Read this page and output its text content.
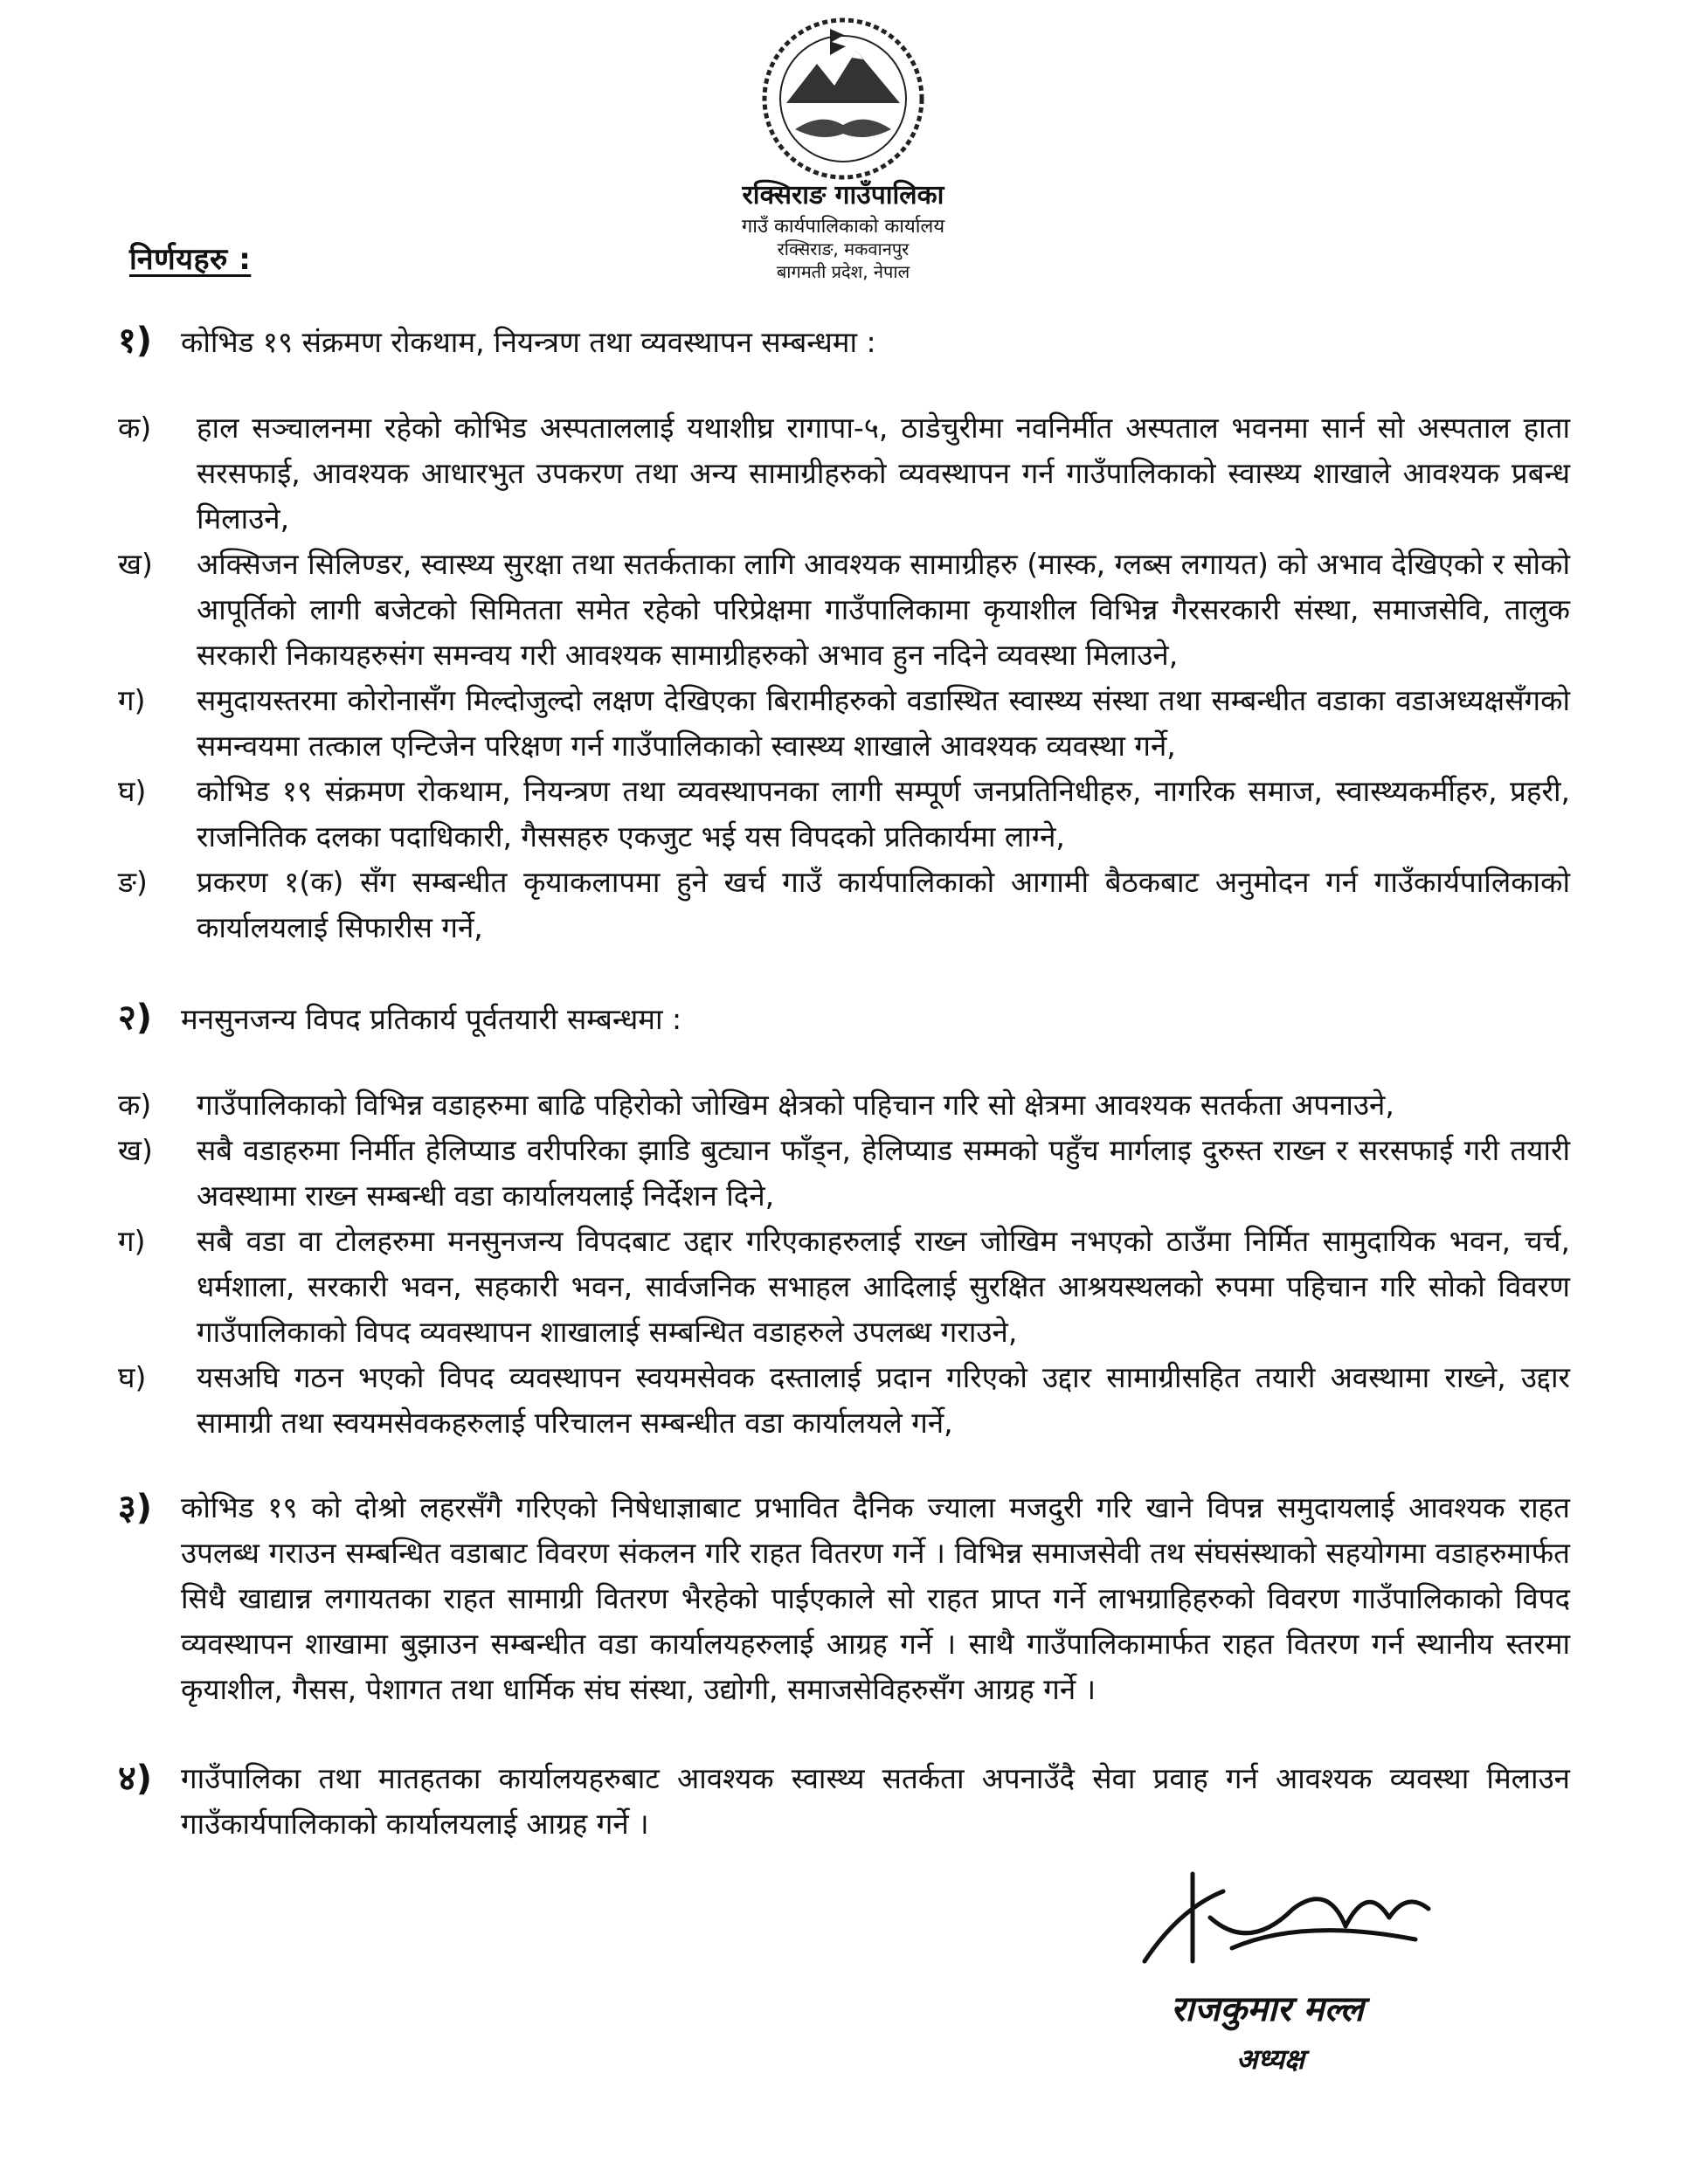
रक्सिराङ गाउँपालिका
गाउँ कार्यपालिकाको कार्यालय
रक्सिराङ, मकवानपुर
बागमती प्रदेश, नेपाल
निर्णयहरु :
१) कोभिड १९ संक्रमण रोकथाम, नियन्त्रण तथा व्यवस्थापन सम्बन्धमा :
क)	हाल सञ्चालनमा रहेको कोभिड अस्पताललाई यथाशीघ्र रागापा-५, ठाडेचुरीमा नवनिर्मीत अस्पताल भवनमा सार्न सो अस्पताल हाता सरसफाई, आवश्यक आधारभुत उपकरण तथा अन्य सामाग्रीहरुको व्यवस्थापन गर्न गाउँपालिकाको स्वास्थ्य शाखाले आवश्यक प्रबन्ध मिलाउने,
ख)	अक्सिजन सिलिण्डर, स्वास्थ्य सुरक्षा तथा सतर्कताका लागि आवश्यक सामाग्रीहरु (मास्क, ग्लब्स लगायत) को अभाव देखिएको र सोको आपूर्तिको लागी बजेटको सिमितता समेत रहेको परिप्रेक्षमा गाउँपालिकामा कृयाशील विभिन्न गैरसरकारी संस्था, समाजसेवि, तालुक सरकारी निकायहरुसंग समन्वय गरी आवश्यक सामाग्रीहरुको अभाव हुन नदिने व्यवस्था मिलाउने,
ग)	समुदायस्तरमा कोरोनासँग मिल्दोजुल्दो लक्षण देखिएका बिरामीहरुको वडास्थित स्वास्थ्य संस्था तथा सम्बन्धीत वडाका वडाअध्यक्षसँगको समन्वयमा तत्काल एन्टिजेन परिक्षण गर्न गाउँपालिकाको स्वास्थ्य शाखाले आवश्यक व्यवस्था गर्ने,
घ)	कोभिड १९ संक्रमण रोकथाम, नियन्त्रण तथा व्यवस्थापनका लागी सम्पूर्ण जनप्रतिनिधीहरु, नागरिक समाज, स्वास्थ्यकर्मीहरु, प्रहरी, राजनितिक दलका पदाधिकारी, गैससहरु एकजुट भई यस विपदको प्रतिकार्यमा लाग्ने,
ङ)	प्रकरण १(क) सँग सम्बन्धीत कृयाकलापमा हुने खर्च गाउँ कार्यपालिकाको आगामी बैठकबाट अनुमोदन गर्न गाउँकार्यपालिकाको कार्यालयलाई सिफारीस गर्ने,
२) मनसुनजन्य विपद प्रतिकार्य पूर्वतयारी सम्बन्धमा :
क)	गाउँपालिकाको विभिन्न वडाहरुमा बाढि पहिरोको जोखिम क्षेत्रको पहिचान गरि सो क्षेत्रमा आवश्यक सतर्कता अपनाउने,
ख)	सबै वडाहरुमा निर्मीत हेलिप्याड वरीपरिका झाडि बुट्यान फाँड्न, हेलिप्याड सम्मको पहुँच मार्गलाइ दुरुस्त राख्न र सरसफाई गरी तयारी अवस्थामा राख्न सम्बन्धी वडा कार्यालयलाई निर्देशन दिने,
ग)	सबै वडा वा टोलहरुमा मनसुनजन्य विपदबाट उद्दार गरिएकाहरुलाई राख्न जोखिम नभएको ठाउँमा निर्मित सामुदायिक भवन, चर्च, धर्मशाला, सरकारी भवन, सहकारी भवन, सार्वजनिक सभाहल आदिलाई सुरक्षित आश्रयस्थलको रुपमा पहिचान गरि सोको विवरण गाउँपालिकाको विपद व्यवस्थापन शाखालाई सम्बन्धित वडाहरुले उपलब्ध गराउने,
घ)	यसअघि गठन भएको विपद व्यवस्थापन स्वयमसेवक दस्तालाई प्रदान गरिएको उद्दार सामाग्रीसहित तयारी अवस्थामा राख्ने, उद्दार सामाग्री तथा स्वयमसेवकहरुलाई परिचालन सम्बन्धीत वडा कार्यालयले गर्ने,
३) कोभिड १९ को दोश्रो लहरसँगै गरिएको निषेधाज्ञाबाट प्रभावित दैनिक ज्याला मजदुरी गरि खाने विपन्न समुदायलाई आवश्यक राहत उपलब्ध गराउन सम्बन्धित वडाबाट विवरण संकलन गरि राहत वितरण गर्ने । विभिन्न समाजसेवी तथ संघसंस्थाको सहयोगमा वडाहरुमार्फत सिधै खाद्यान्न लगायतका राहत सामाग्री वितरण भैरहेको पाईएकाले सो राहत प्राप्त गर्ने लाभग्राहिहरुको विवरण गाउँपालिकाको विपद व्यवस्थापन शाखामा बुझाउन सम्बन्धीत वडा कार्यालयहरुलाई आग्रह गर्ने । साथै गाउँपालिकामार्फत राहत वितरण गर्न स्थानीय स्तरमा कृयाशील, गैसस, पेशागत तथा धार्मिक संघ संस्था, उद्योगी, समाजसेविहरुसँग आग्रह गर्ने ।
४) गाउँपालिका तथा मातहतका कार्यालयहरुबाट आवश्यक स्वास्थ्य सतर्कता अपनाउँदै सेवा प्रवाह गर्न आवश्यक व्यवस्था मिलाउन गाउँकार्यपालिकाको कार्यालयलाई आग्रह गर्ने ।
राजकुमार मल्ल
अध्यक्ष
